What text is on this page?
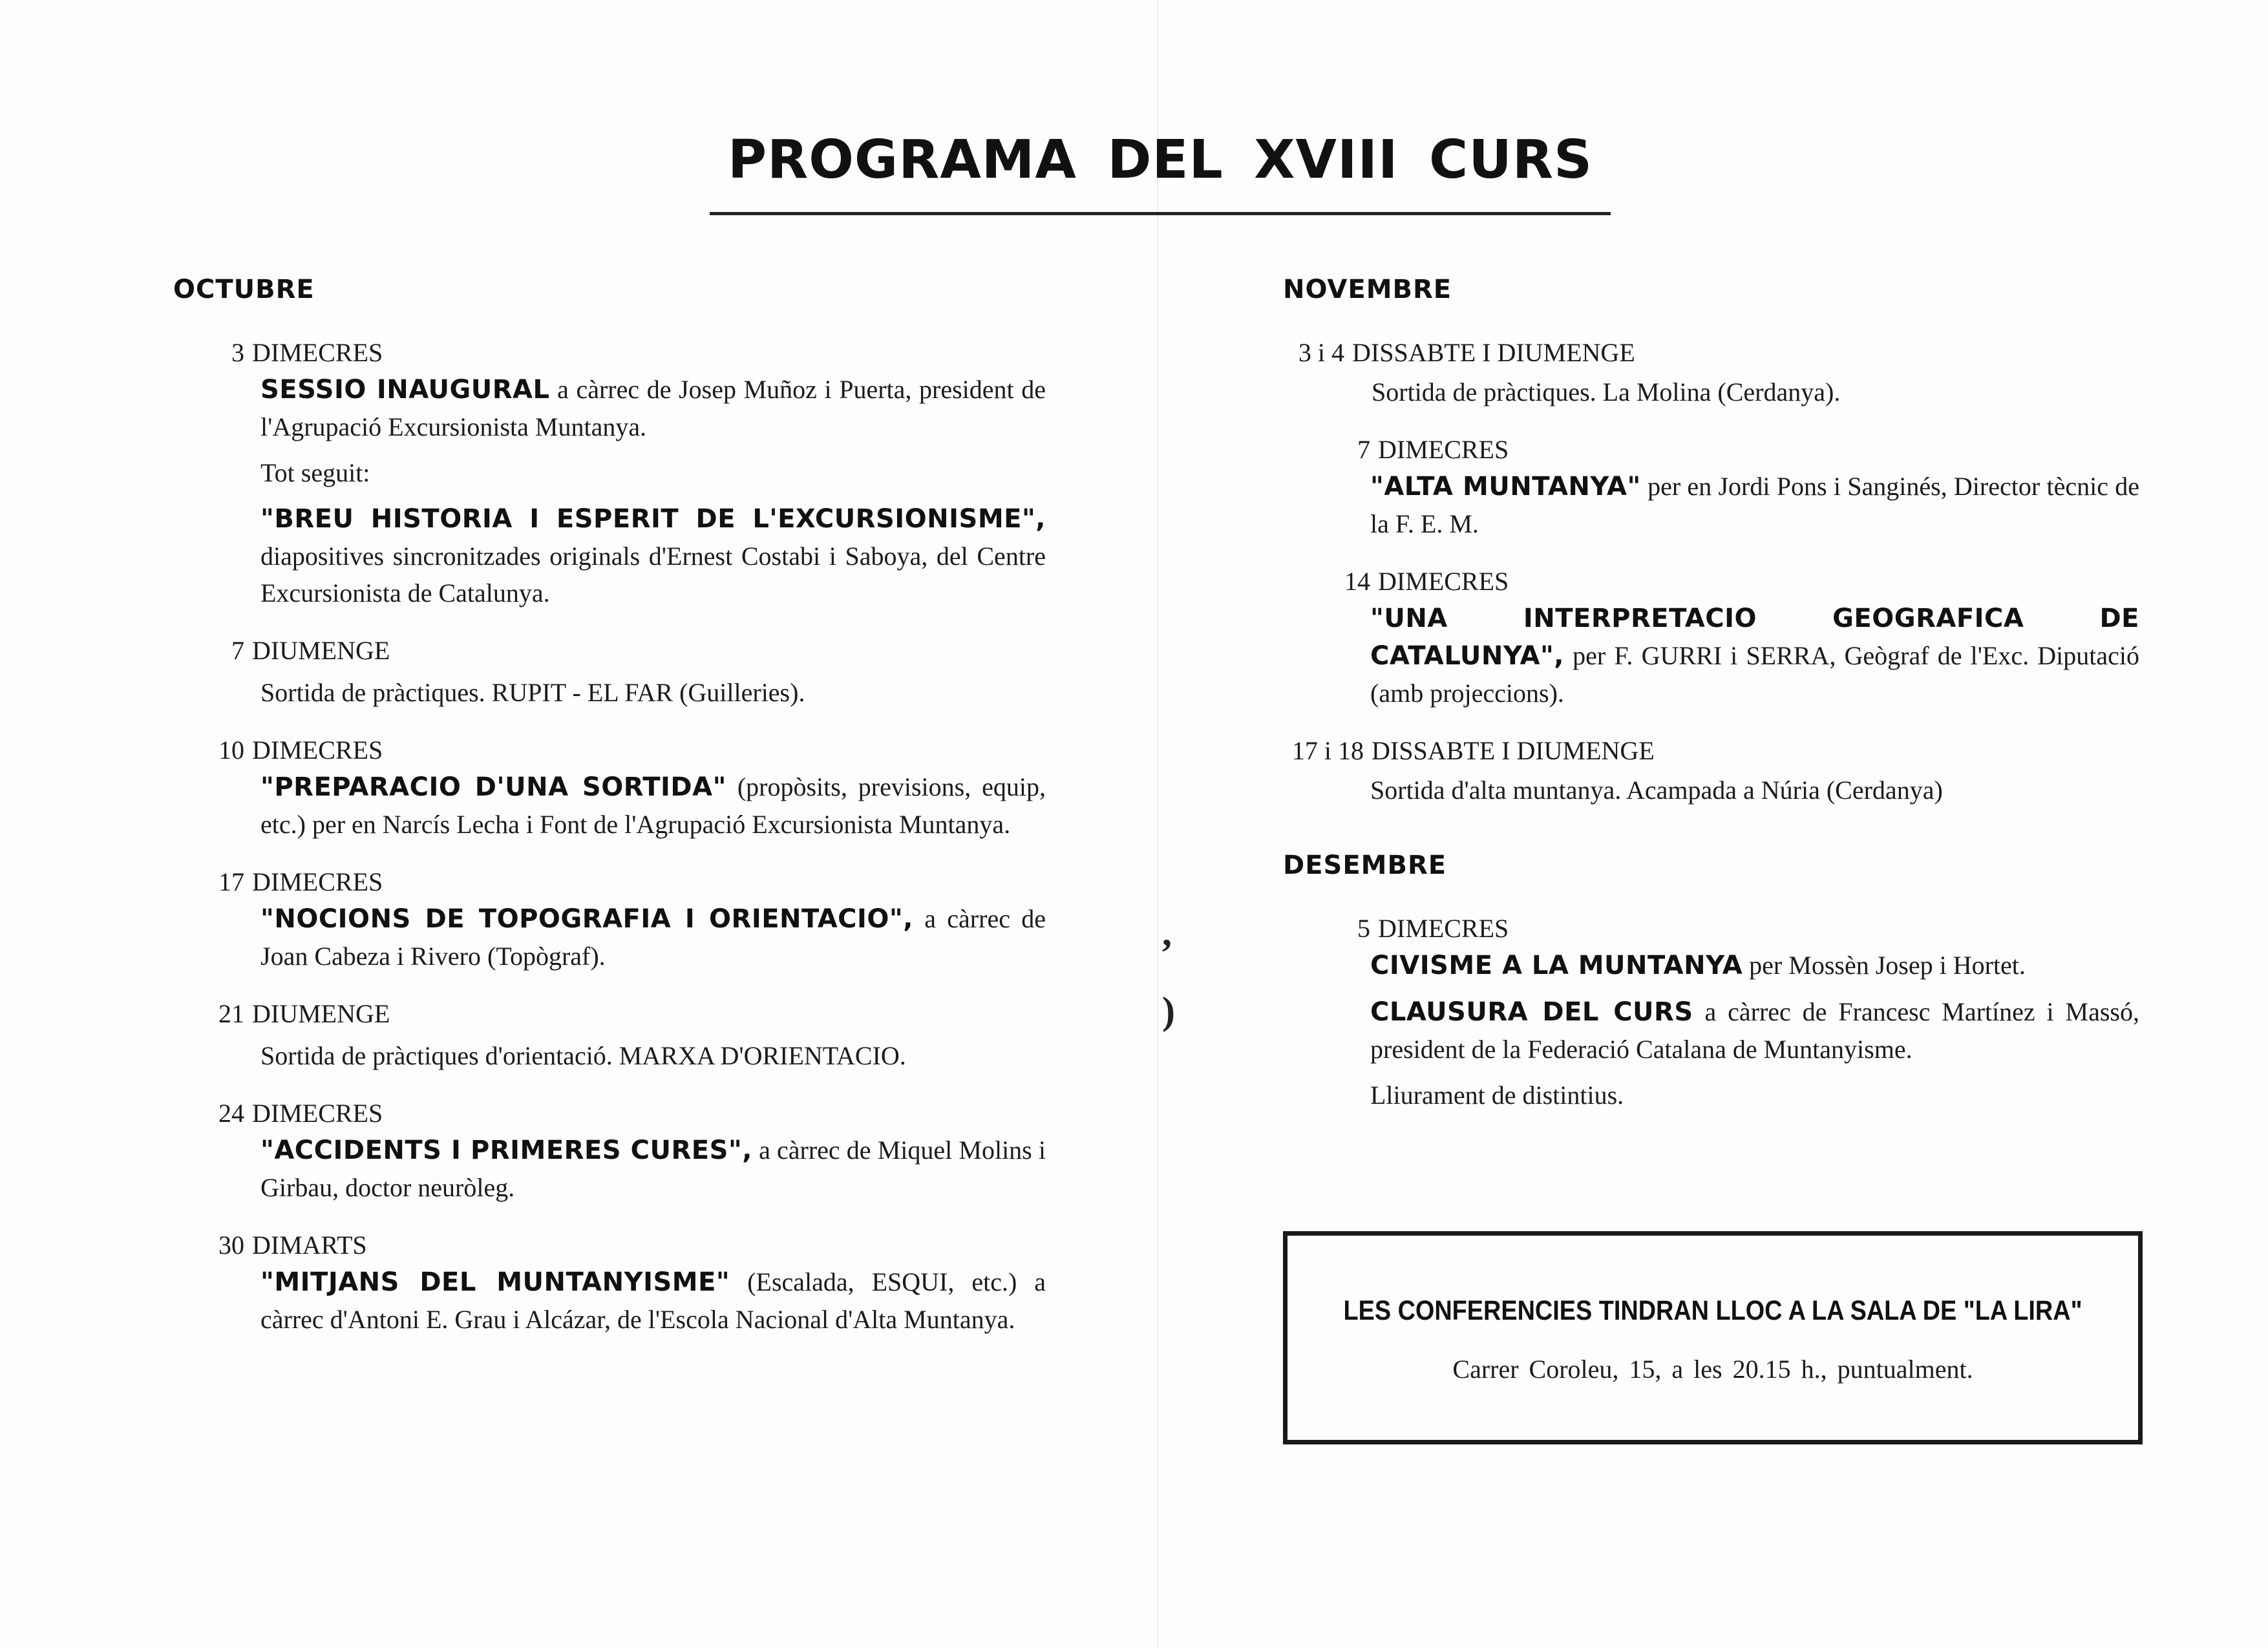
PROGRAMA DEL XVIII CURS
OCTUBRE
3 DIMECRES

SESSIO INAUGURAL a càrrec de Josep Muñoz i Puerta, president de l'Agrupació Excursionista Muntanya.

Tot seguit:

"BREU HISTORIA I ESPERIT DE L'EXCURSIONISME", diapositives sincronitzades originals d'Ernest Costabi i Saboya, del Centre Excursionista de Catalunya.

7 DIUMENGE

Sortida de pràctiques. RUPIT - EL FAR (Guilleries).

10 DIMECRES

"PREPARACIO D'UNA SORTIDA" (propòsits, previsions, equip, etc.) per en Narcís Lecha i Font de l'Agrupació Excursionista Muntanya.

17 DIMECRES

"NOCIONS DE TOPOGRAFIA I ORIENTACIO", a càrrec de Joan Cabeza i Rivero (Topògraf).

21 DIUMENGE

Sortida de pràctiques d'orientació. MARXA D'ORIENTACIO.

24 DIMECRES

"ACCIDENTS I PRIMERES CURES", a càrrec de Miquel Molins i Girbau, doctor neuròleg.

30 DIMARTS

"MITJANS DEL MUNTANYISME" (Escalada, ESQUI, etc.) a càrrec d'Antoni E. Grau i Alcázar, de l'Escola Nacional d'Alta Muntanya.

’
)
NOVEMBRE
3 i 4 DISSABTE I DIUMENGE

Sortida de pràctiques. La Molina (Cerdanya).

7 DIMECRES

"ALTA MUNTANYA" per en Jordi Pons i Sanginés, Director tècnic de la F. E. M.

14 DIMECRES

"UNA INTERPRETACIO GEOGRAFICA DE CATALUNYA", per F. GURRI i SERRA, Geògraf de l'Exc. Diputació (amb projeccions).

17 i 18 DISSABTE I DIUMENGE

Sortida d'alta muntanya. Acampada a Núria (Cerdanya)

DESEMBRE
5 DIMECRES

CIVISME A LA MUNTANYA per Mossèn Josep i Hortet.

CLAUSURA DEL CURS a càrrec de Francesc Martínez i Massó, president de la Federació Catalana de Muntanyisme.

Lliurament de distintius.

LES CONFERENCIES TINDRAN LLOC A LA SALA DE "LA LIRA"
Carrer Coroleu, 15, a les 20.15 h., puntualment.
